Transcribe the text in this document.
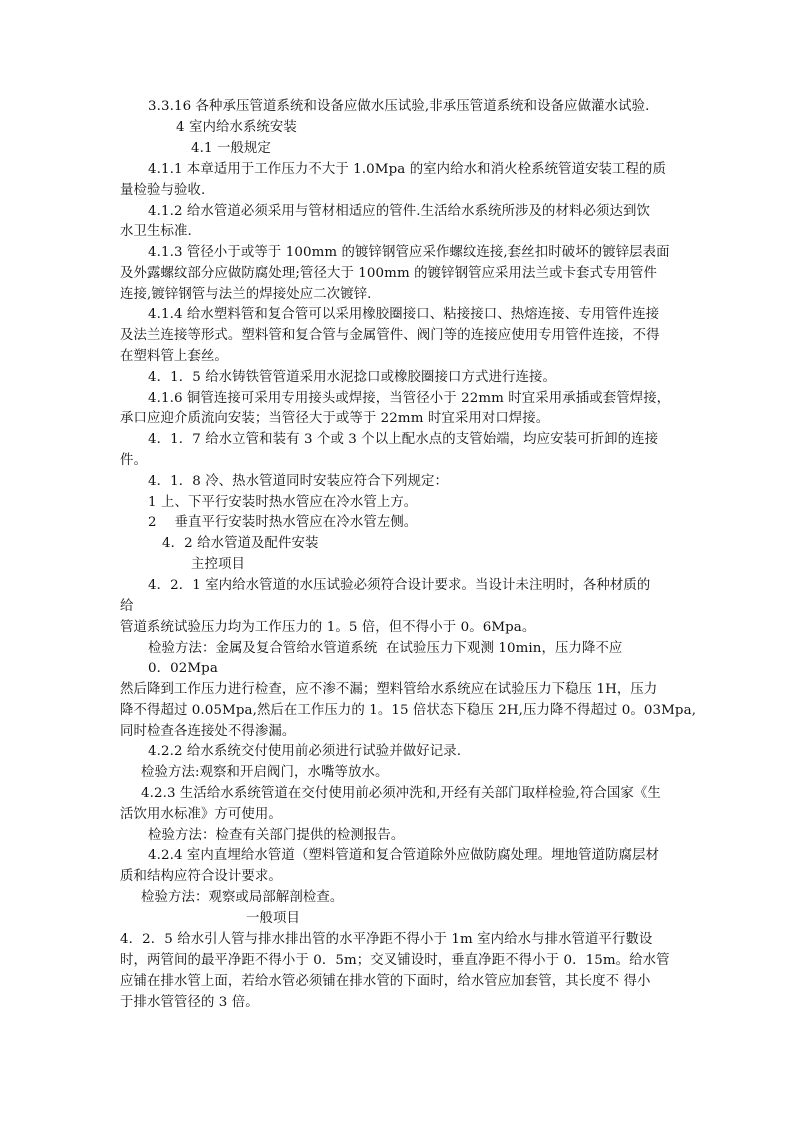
3.3.16 各种承压管道系统和设备应做水压试验,非承压管道系统和设备应做灌水试验.
4 室内给水系统安装
4.1 一般规定
4.1.1 本章适用于工作压力不大于 1.0Mpa 的室内给水和消火栓系统管道安装工程的质
量检验与验收.
4.1.2 给水管道必须采用与管材相适应的管件.生活给水系统所涉及的材料必须达到饮
水卫生标准.
4.1.3 管径小于或等于 100mm 的镀锌钢管应采作螺纹连接,套丝扣时破坏的镀锌层表面
及外露螺纹部分应做防腐处理;管径大于 100mm 的镀锌钢管应采用法兰或卡套式专用管件
连接,镀锌钢管与法兰的焊接处应二次镀锌.
4.1.4 给水塑料管和复合管可以采用橡胶圈接口、粘接接口、热熔连接、专用管件连接
及法兰连接等形式。塑料管和复合管与金属管件、阀门等的连接应使用专用管件连接，不得
在塑料管上套丝。
4．1．5 给水铸铁管管道采用水泥捻口或橡胶圈接口方式进行连接。
4.1.6 铜管连接可采用专用接头或焊接，当管径小于 22mm 时宜采用承插或套管焊接，
承口应迎介质流向安装；当管径大于或等于 22mm 时宜采用对口焊接。
4．1．7 给水立管和装有 3 个或 3 个以上配水点的支管始端，均应安装可折卸的连接
件。
4．1．8 冷、热水管道同时安装应符合下列规定：
1 上、下平行安装时热水管应在冷水管上方。
2　 垂直平行安装时热水管应在冷水管左侧。
4．2 给水管道及配件安装
主控项目
4．2．1 室内给水管道的水压试验必须符合设计要求。当设计未注明时，各种材质的
给
管道系统试验压力均为工作压力的 1。5 倍，但不得小于 0。6Mpa。
检验方法：金属及复合管给水管道系统  在试验压力下观测 10min，压力降不应
0．02Mpa
然后降到工作压力进行检查，应不渗不漏；塑料管给水系统应在试验压力下稳压 1H，压力
降不得超过 0.05Mpa,然后在工作压力的 1。15 倍状态下稳压 2H,压力降不得超过 0。03Mpa,
同时检查各连接处不得渗漏。
4.2.2 给水系统交付使用前必须进行试验并做好记录.
检验方法:观察和开启阀门，水嘴等放水。
4.2.3 生活给水系统管道在交付使用前必须冲洗和,开经有关部门取样检验,符合国家《生
活饮用水标准》方可使用。
检验方法：检查有关部门提供的检测报告。
4.2.4 室内直埋给水管道（塑料管道和复合管道除外应做防腐处理。埋地管道防腐层材
质和结构应符合设计要求。
检验方法：观察或局部解剖检查。
一般项目
4．2．5 给水引人管与排水排出管的水平净距不得小于 1m 室内给水与排水管道平行數设
时，两管间的最平净距不得小于 0．5m；交叉铺设时，垂直净距不得小于 0．15m。给水管
应铺在排水管上面，若给水管必须铺在排水管的下面时，给水管应加套管，其长度不 得小
于排水管管径的 3 倍。
